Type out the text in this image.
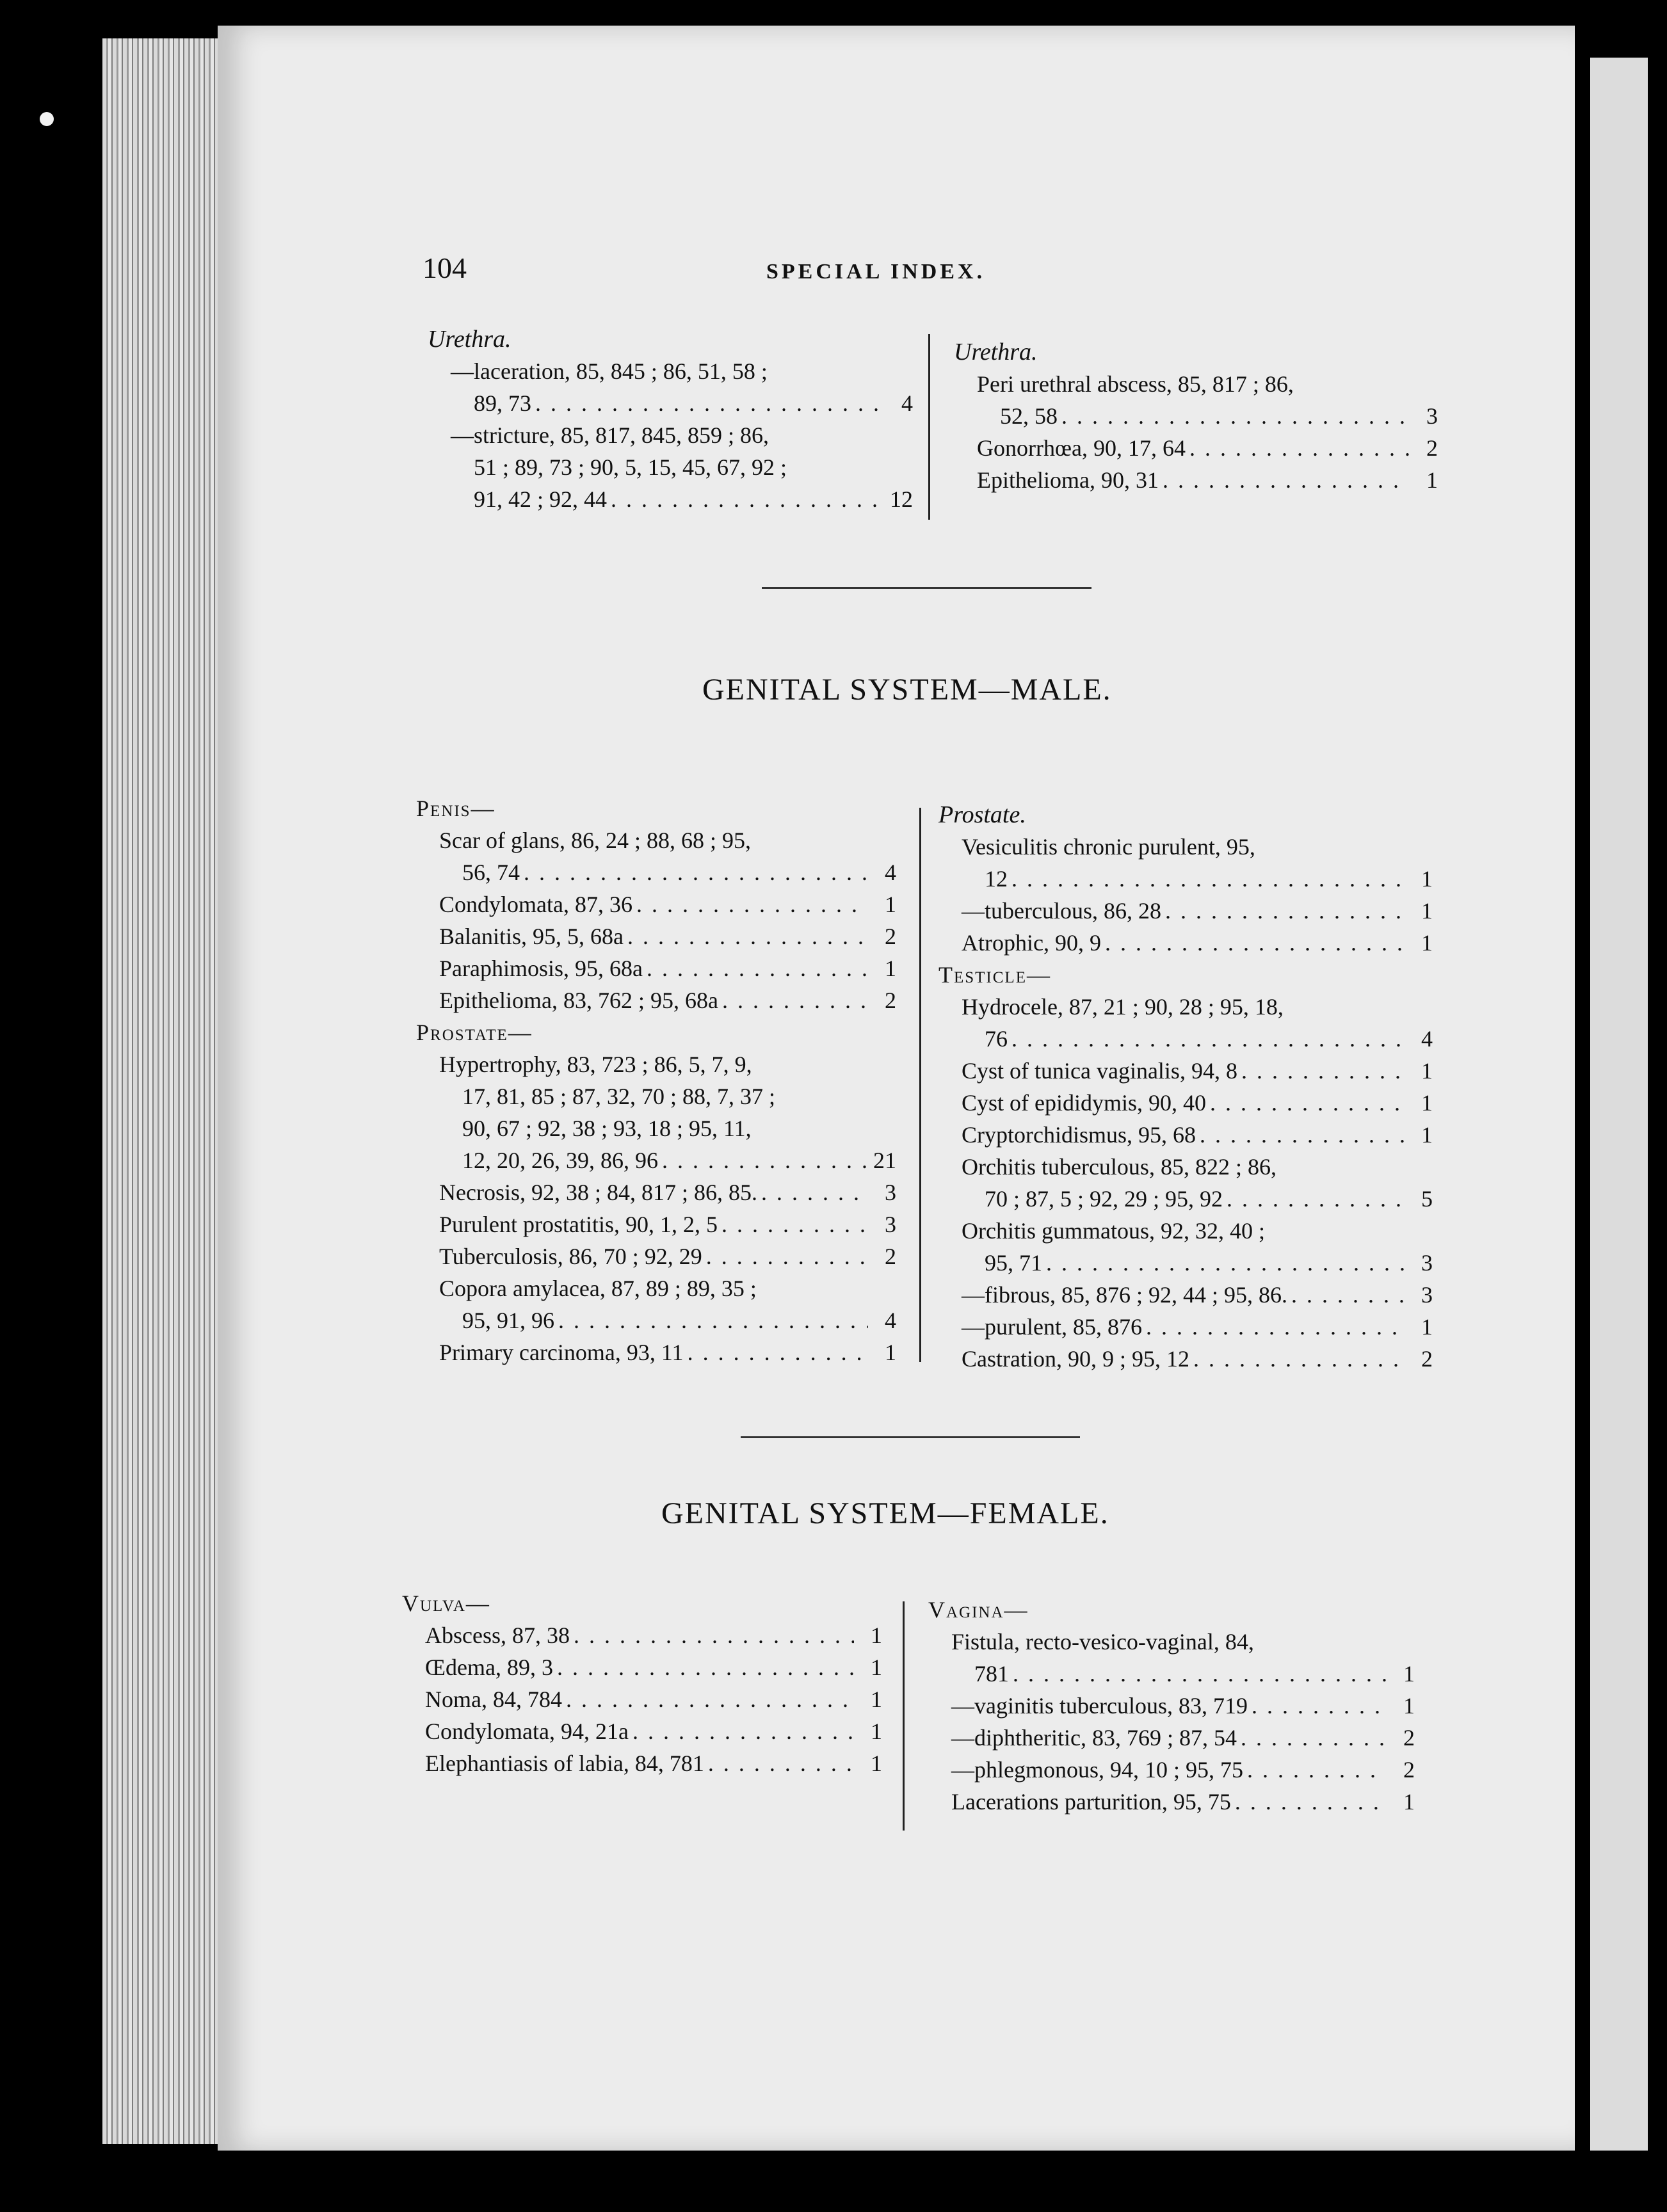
104	SPECIAL INDEX.
Urethra.
—laceration, 85, 845 ; 86, 51, 58 ;
89, 73 . . .	4
—stricture, 85, 817, 845, 859 ; 86,
51 ; 89, 73 ; 90, 5, 15, 45, 67, 92 ;
91, 42 ; 92, 44 . . .	12
Urethra.
Peri urethral abscess, 85, 817 ; 86,
52, 58 . . .	3
Gonorrhœa, 90, 17, 64 . . .	2
Epithelioma, 90, 31 . . .	1
GENITAL SYSTEM—MALE.
Penis—
Scar of glans, 86, 24 ; 88, 68 ; 95,
56, 74 . . .	4
Condylomata, 87, 36 . . .	1
Balanitis, 95, 5, 68a . . .	2
Paraphimosis, 95, 68a . . .	1
Epithelioma, 83, 762 ; 95, 68a . . .	2
Prostate—
Hypertrophy, 83, 723 ; 86, 5, 7, 9,
17, 81, 85 ; 87, 32, 70 ; 88, 7, 37 ;
90, 67 ; 92, 38 ; 93, 18 ; 95, 11,
12, 20, 26, 39, 86, 96 . . .	21
Necrosis, 92, 38 ; 84, 817 ; 86, 85. . . .	3
Purulent prostatitis, 90, 1, 2, 5 . . .	3
Tuberculosis, 86, 70 ; 92, 29 . . .	2
Copora amylacea, 87, 89 ; 89, 35 ;
95, 91, 96 . . .	4
Primary carcinoma, 93, 11 . . .	1
Prostate.
Vesiculitis chronic purulent, 95,
12 . . .	1
—tuberculous, 86, 28 . . .	1
Atrophic, 90, 9 . . .	1
Testicle—
Hydrocele, 87, 21 ; 90, 28 ; 95, 18,
76 . . .	4
Cyst of tunica vaginalis, 94, 8 . . .	1
Cyst of epididymis, 90, 40 . . .	1
Cryptorchidismus, 95, 68 . . .	1
Orchitis tuberculous, 85, 822 ; 86,
70 ; 87, 5 ; 92, 29 ; 95, 92 . . .	5
Orchitis gummatous, 92, 32, 40 ;
95, 71 . . .	3
—fibrous, 85, 876 ; 92, 44 ; 95, 86. . . .	3
—purulent, 85, 876 . . .	1
Castration, 90, 9 ; 95, 12 . . .	2
GENITAL SYSTEM—FEMALE.
Vulva—
Abscess, 87, 38 . . .	1
Œdema, 89, 3 . . .	1
Noma, 84, 784 . . .	1
Condylomata, 94, 21a . . .	1
Elephantiasis of labia, 84, 781 . . .	1
Vagina—
Fistula, recto-vesico-vaginal, 84,
781 . . .	1
—vaginitis tuberculous, 83, 719 . . .	1
—diphtheritic, 83, 769 ; 87, 54 . . .	2
—phlegmonous, 94, 10 ; 95, 75 . . .	2
Lacerations parturition, 95, 75 . . .	1
